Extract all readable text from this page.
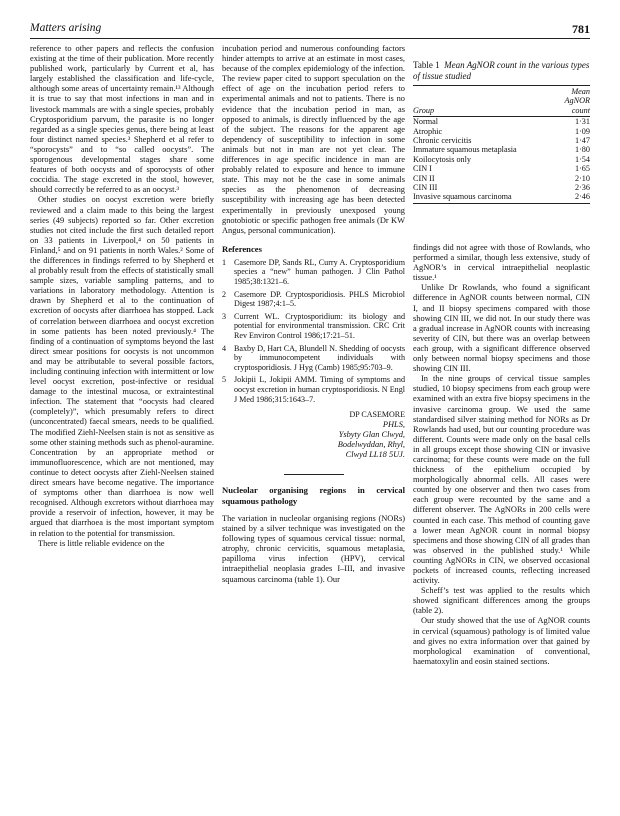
Matters arising	781

reference to other papers and reflects the confusion existing at the time of their publication. More recently published work, particularly by Current et al, has largely established the classification and life-cycle, although some areas of uncertainty remain.¹³ Although it is true to say that most infections in man and in livestock mammals are with a single species, probably Cryptosporidium parvum, the parasite is no longer regarded as a single species genus, there being at least four distinct named species.³ Shepherd et al refer to “sporocysts” and to “so called oocysts”. The sporogenous developmental stages share some features of both oocysts and of sporocysts of other coccidia. The stage excreted in the stool, however, should correctly be referred to as an oocyst.³

Other studies on oocyst excretion were briefly reviewed and a claim made to this being the largest series (49 subjects) reported so far. Other excretion studies not cited include the first such detailed report on 33 patients in Liverpool,⁴ on 50 patients in Finland,⁵ and on 91 patients in north Wales.² Some of the differences in findings referred to by Shepherd et al probably result from the effects of statistically small sample sizes, variable sampling patterns, and to variations in laboratory methodology. Attention is drawn by Shepherd et al to the continuation of excretion of oocysts after diarrhoea has stopped. Lack of correlation between diarrhoea and oocyst excretion in some patients has been noted previously.⁴ The finding of a continuation of symptoms beyond the last direct smear positions for oocysts is not uncommon and may be attributable to several possible factors, including continuing infection with intermittent or low level oocyst excretion, post-infective or residual damage to the intestinal mucosa, or extraintestinal infection. The statement that “oocysts had cleared (completely)”, which presumably refers to direct (unconcentrated) faecal smears, needs to be qualified. The modified Ziehl-Neelsen stain is not as sensitive as some other staining methods such as phenol-auramine. Concentration by an appropriate method or immunofluorescence, which are not mentioned, may continue to detect oocysts after Ziehl-Neelsen stained direct smears have become negative. The importance of symptoms other than diarrhoea is now well recognised. Although excretors without diarrhoea may provide a reservoir of infection, however, it may be argued that diarrhoea is the most important symptom in relation to the potential for transmission.

There is little reliable evidence on the

incubation period and numerous confounding factors hinder attempts to arrive at an estimate in most cases, because of the complex epidemiology of the infection. The review paper cited to support speculation on the effect of age on the incubation period refers to experimental animals and not to patients. There is no evidence that the incubation period in man, as opposed to animals, is directly influenced by the age of the subject. The reasons for the apparent age dependency of susceptibility to infection in some animals but not in man are not yet clear. The differences in age specific incidence in man are probably related to exposure and hence to immune state. This may not be the case in some animals species as the phenomenon of decreasing susceptibility with increasing age has been detected experimentally in previously unexposed young gnotobiotic or specific pathogen free animals (Dr KW Angus, personal communication).

References
1 Casemore DP, Sands RL, Curry A. Cryptosporidium species a “new” human pathogen. J Clin Pathol 1985;38:1321–6.
2 Casemore DP. Cryptosporidiosis. PHLS Microbiol Digest 1987;4:1–5.
3 Current WL. Cryptosporidium: its biology and potential for environmental transmission. CRC Crit Rev Environ Control 1986;17:21–51.
4 Baxby D, Hart CA, Blundell N. Shedding of oocysts by immunocompetent individuals with cryptosporidiosis. J Hyg (Camb) 1985;95:703–9.
5 Jokipii L, Jokipii AMM. Timing of symptoms and oocyst excretion in human cryptosporidiosis. N Engl J Med 1986;315:1643–7.
DP CASEMORE
PHLS,
Ysbyty Glan Clwyd,
Bodelwyddan, Rhyl,
Clwyd LL18 5UJ.
Nucleolar organising regions in cervical squamous pathology

The variation in nucleolar organising regions (NORs) stained by a silver technique was investigated on the following types of squamous cervical tissue: normal, atrophy, chronic cervicitis, squamous metaplasia, papilloma virus infection (HPV), cervical intraepithelial neoplasia grades I–III, and invasive squamous carcinoma (table 1). Our

Table 1 Mean AgNOR count in the various types of tissue studied
Group	Mean
AgNOR
count

Normal	1·31
Atrophic	1·09
Chronic cervicitis	1·47
Immature squamous metaplasia	1·80
Koilocytosis only	1·54
CIN I	1·65
CIN II	2·10
CIN III	2·36
Invasive squamous carcinoma	2·46

findings did not agree with those of Rowlands, who performed a similar, though less extensive, study of AgNOR’s in cervical intraepithelial neoplastic tissue.¹

Unlike Dr Rowlands, who found a significant difference in AgNOR counts between normal, CIN I, and II biopsy specimens compared with those showing CIN III, we did not. In our study there was a gradual increase in AgNOR counts with increasing severity of CIN, but there was an overlap between each group, with a significant difference observed only between normal biopsy specimens and those showing CIN III.

In the nine groups of cervical tissue samples studied, 10 biopsy specimens from each group were examined with an extra five biopsy specimens in the invasive carcinoma group. We used the same standardised silver staining method for NORs as Dr Rowlands had used, but our counting procedure was different. Counts were made only on the basal cells in all groups except those showing CIN or invasive carcinoma; for these counts were made on the full thickness of the epithelium occupied by morphologically abnormal cells. All cases were counted by one observer and then two cases from each group were recounted by the same and a different observer. The AgNORs in 200 cells were counted in each case. This method of counting gave a lower mean AgNOR count in normal biopsy specimens and those showing CIN of all grades than was observed in the published study.¹ While counting AgNORs in CIN, we observed occasional pockets of increased counts, reflecting increased activity.

Scheff’s test was applied to the results which showed significant differences among the groups (table 2).

Our study showed that the use of AgNOR counts in cervical (squamous) pathology is of limited value and gives no extra information over that gained by morphological examination of conventional, haematoxylin and eosin stained sections.
